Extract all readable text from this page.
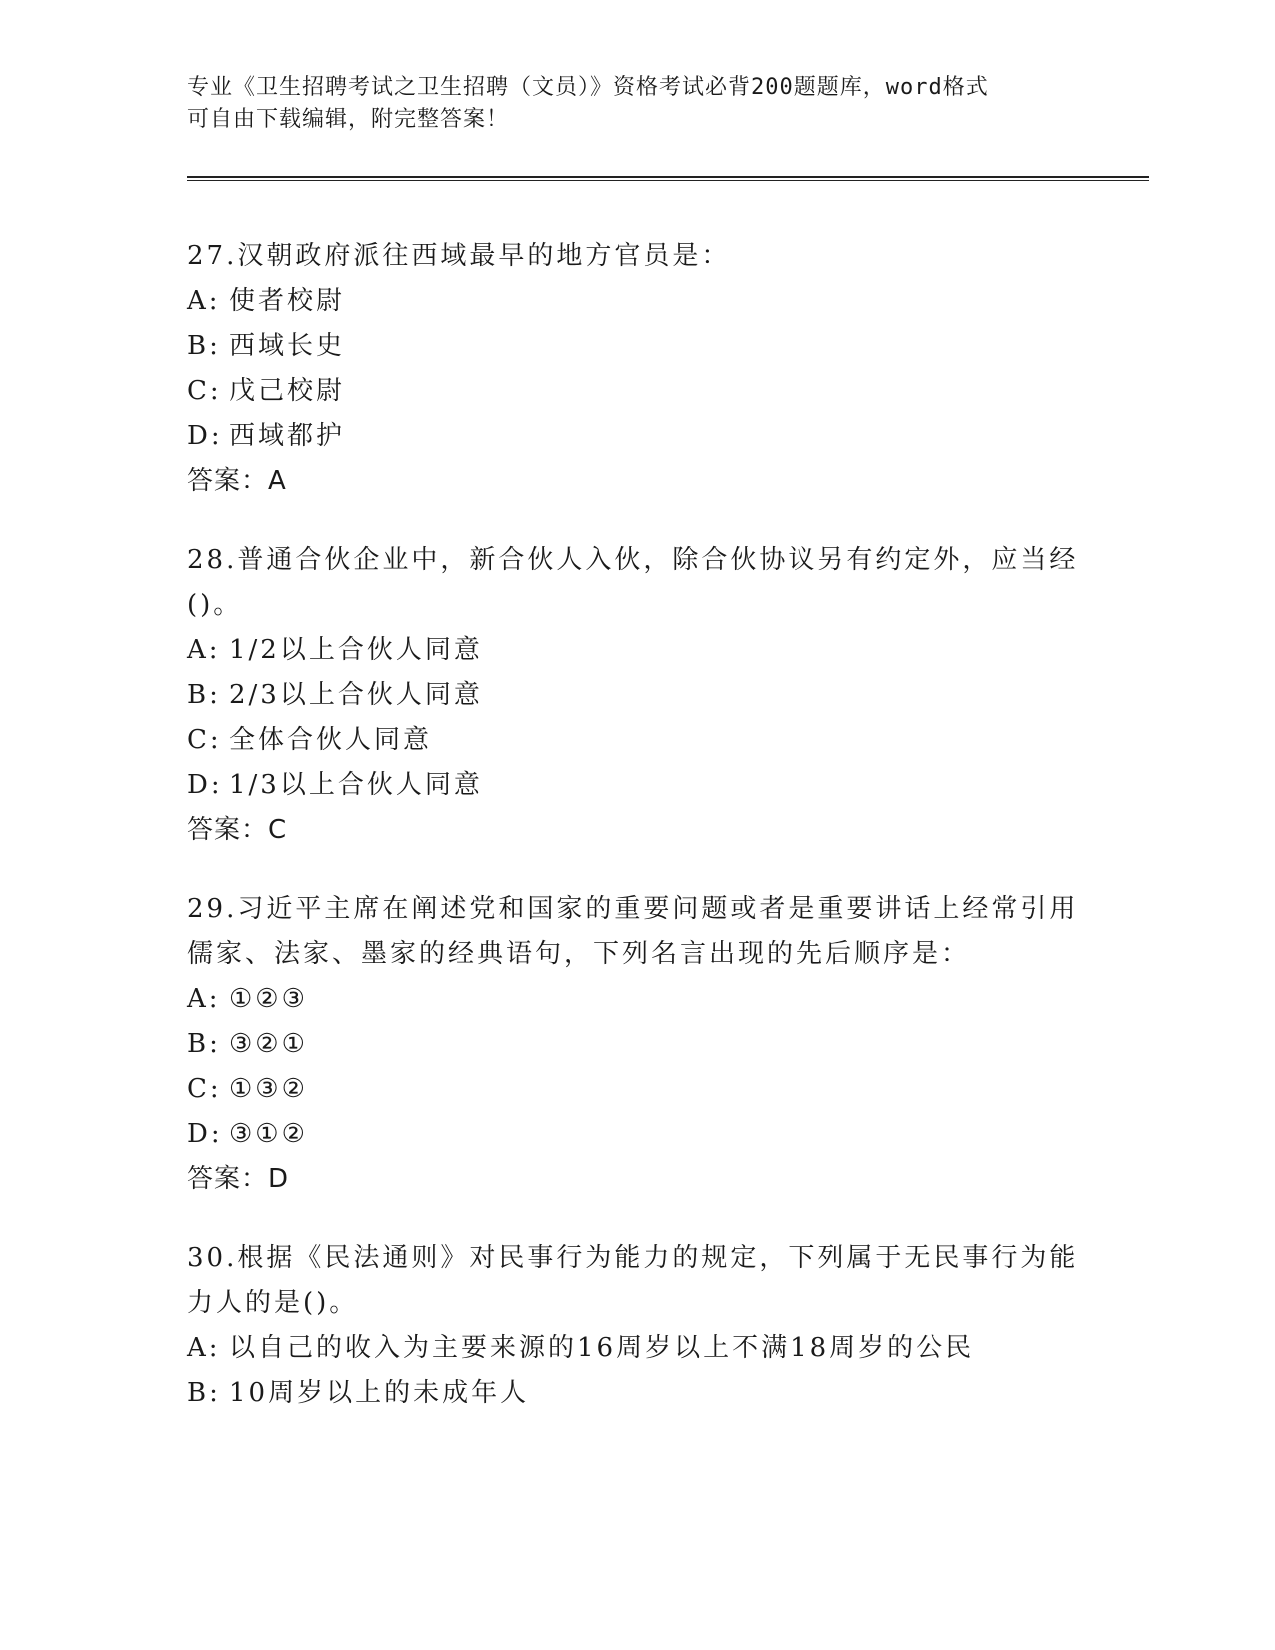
专业《卫生招聘考试之卫生招聘（文员）》资格考试必背200题题库，word格式
可自由下载编辑，附完整答案！
27.汉朝政府派往西域最早的地方官员是：
A: 使者校尉
B: 西域长史
C: 戊己校尉
D: 西域都护
答案：A
28.普通合伙企业中，新合伙人入伙，除合伙协议另有约定外，应当经()。
A: 1/2以上合伙人同意
B: 2/3以上合伙人同意
C: 全体合伙人同意
D: 1/3以上合伙人同意
答案：C
29.习近平主席在阐述党和国家的重要问题或者是重要讲话上经常引用儒家、法家、墨家的经典语句，下列名言出现的先后顺序是：
A: ①②③
B: ③②①
C: ①③②
D: ③①②
答案：D
30.根据《民法通则》对民事行为能力的规定，下列属于无民事行为能力人的是()。
A: 以自己的收入为主要来源的16周岁以上不满18周岁的公民
B: 10周岁以上的未成年人
